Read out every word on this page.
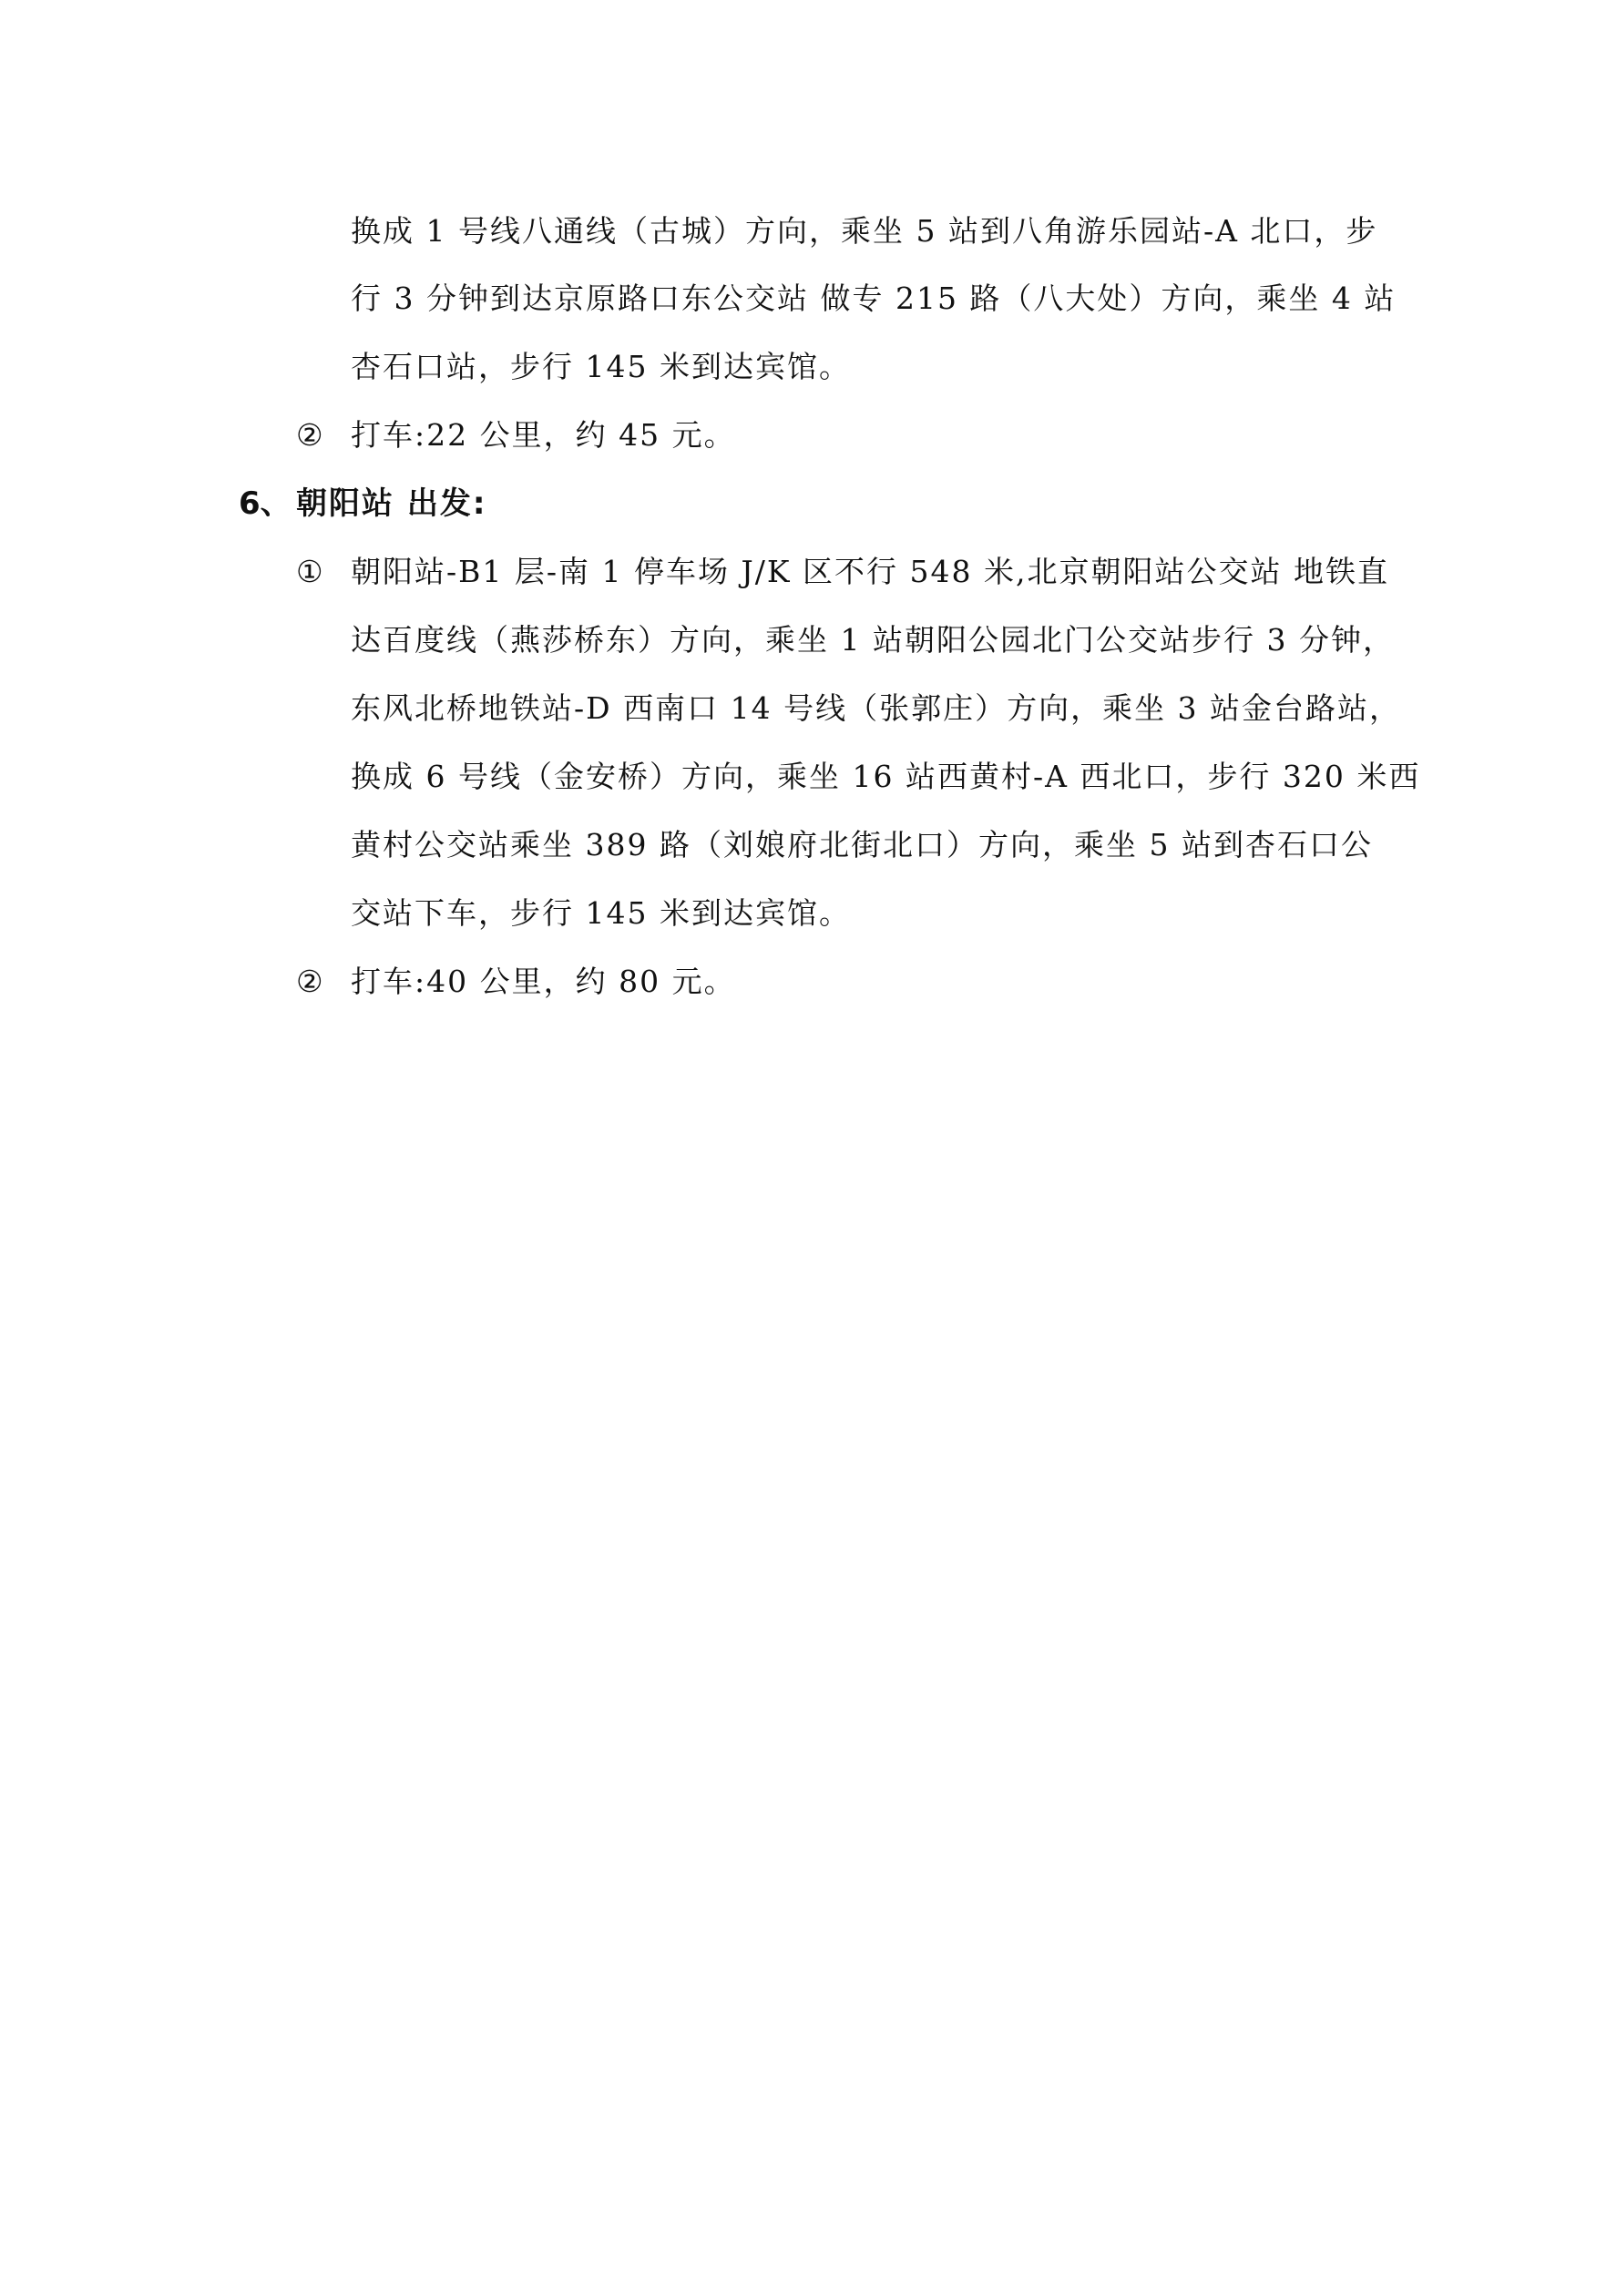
换成 1 号线八通线（古城）方向，乘坐 5 站到八角游乐园站-A 北口，步
行 3 分钟到达京原路口东公交站 做专 215 路（八大处）方向，乘坐 4 站
杏石口站，步行 145 米到达宾馆。
② 打车:22 公里，约 45 元。
6、 朝阳站 出发:
① 朝阳站-B1 层-南 1 停车场 J/K 区不行 548 米,北京朝阳站公交站 地铁直
达百度线（燕莎桥东）方向，乘坐 1 站朝阳公园北门公交站步行 3 分钟，
东风北桥地铁站-D 西南口 14 号线（张郭庄）方向，乘坐 3 站金台路站，
换成 6 号线（金安桥）方向，乘坐 16 站西黄村-A 西北口，步行 320 米西
黄村公交站乘坐 389 路（刘娘府北街北口）方向，乘坐 5 站到杏石口公
交站下车，步行 145 米到达宾馆。
② 打车:40 公里，约 80 元。
